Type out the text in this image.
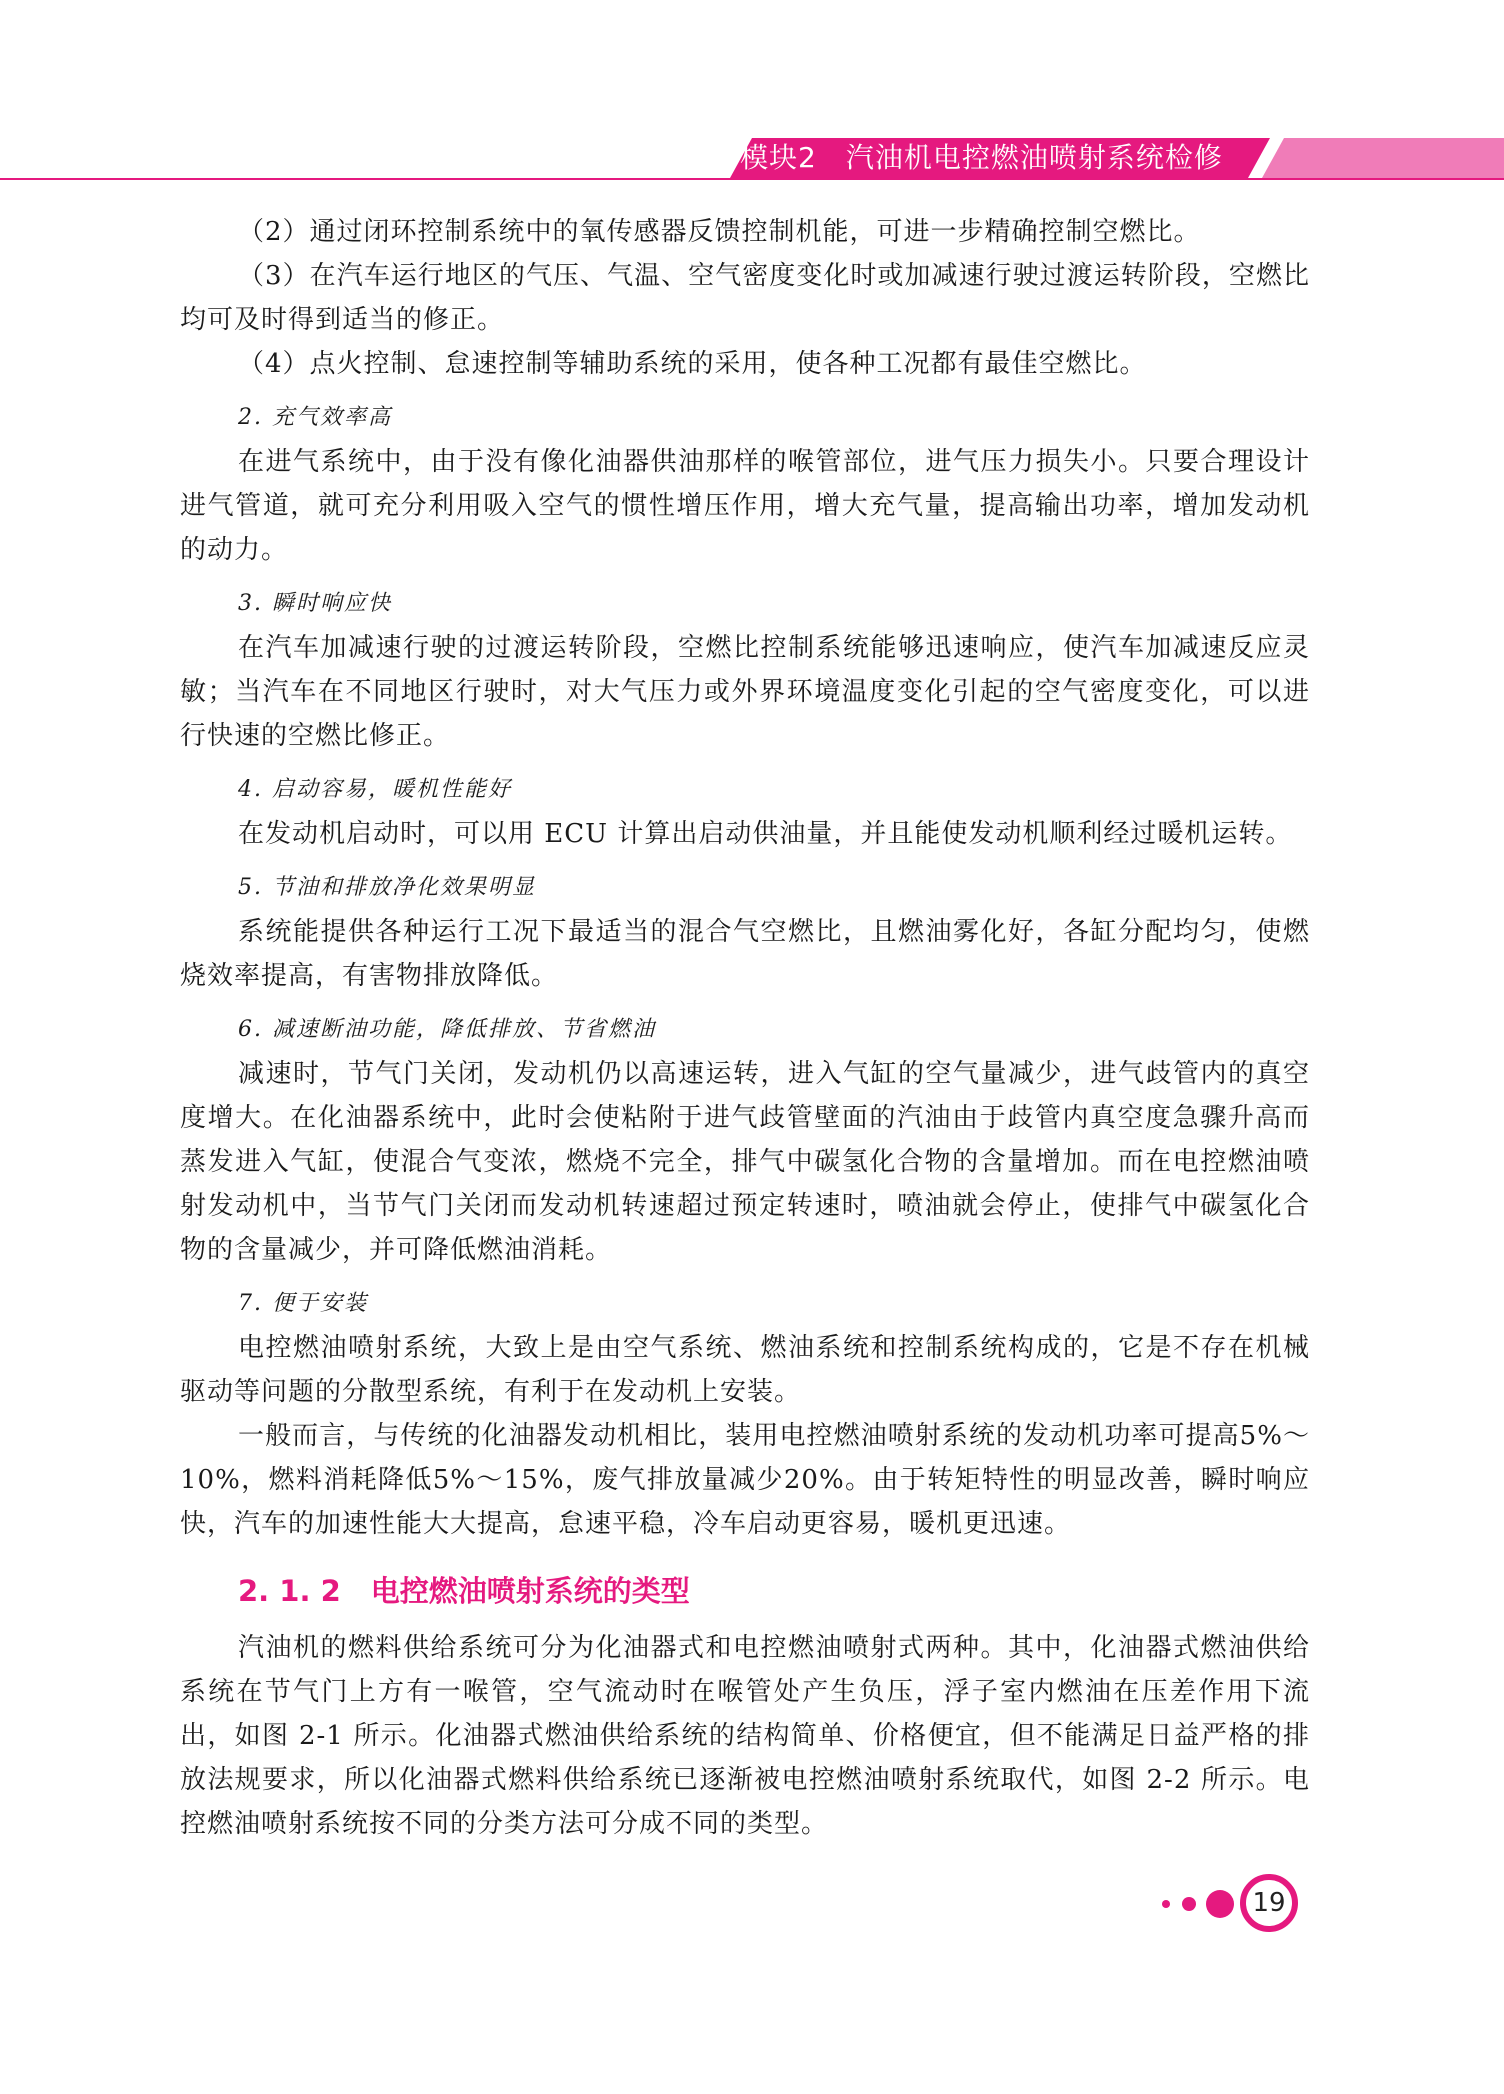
模块2　汽油机电控燃油喷射系统检修

（2）通过闭环控制系统中的氧传感器反馈控制机能，可进一步精确控制空燃比。

（3）在汽车运行地区的气压、气温、空气密度变化时或加减速行驶过渡运转阶段，空燃比均可及时得到适当的修正。

（4）点火控制、怠速控制等辅助系统的采用，使各种工况都有最佳空燃比。

2. 充气效率高

在进气系统中，由于没有像化油器供油那样的喉管部位，进气压力损失小。只要合理设计进气管道，就可充分利用吸入空气的惯性增压作用，增大充气量，提高输出功率，增加发动机的动力。

3. 瞬时响应快

在汽车加减速行驶的过渡运转阶段，空燃比控制系统能够迅速响应，使汽车加减速反应灵敏；当汽车在不同地区行驶时，对大气压力或外界环境温度变化引起的空气密度变化，可以进行快速的空燃比修正。

4. 启动容易，暖机性能好

在发动机启动时，可以用 ECU 计算出启动供油量，并且能使发动机顺利经过暖机运转。

5. 节油和排放净化效果明显

系统能提供各种运行工况下最适当的混合气空燃比，且燃油雾化好，各缸分配均匀，使燃烧效率提高，有害物排放降低。

6. 减速断油功能，降低排放、节省燃油

减速时，节气门关闭，发动机仍以高速运转，进入气缸的空气量减少，进气歧管内的真空度增大。在化油器系统中，此时会使粘附于进气歧管壁面的汽油由于歧管内真空度急骤升高而蒸发进入气缸，使混合气变浓，燃烧不完全，排气中碳氢化合物的含量增加。而在电控燃油喷射发动机中，当节气门关闭而发动机转速超过预定转速时，喷油就会停止，使排气中碳氢化合物的含量减少，并可降低燃油消耗。

7. 便于安装

电控燃油喷射系统，大致上是由空气系统、燃油系统和控制系统构成的，它是不存在机械驱动等问题的分散型系统，有利于在发动机上安装。

一般而言，与传统的化油器发动机相比，装用电控燃油喷射系统的发动机功率可提高5%～10%，燃料消耗降低5%～15%，废气排放量减少20%。由于转矩特性的明显改善，瞬时响应快，汽车的加速性能大大提高，怠速平稳，冷车启动更容易，暖机更迅速。

2. 1. 2 电控燃油喷射系统的类型

汽油机的燃料供给系统可分为化油器式和电控燃油喷射式两种。其中，化油器式燃油供给系统在节气门上方有一喉管，空气流动时在喉管处产生负压，浮子室内燃油在压差作用下流出，如图 2-1 所示。化油器式燃油供给系统的结构简单、价格便宜，但不能满足日益严格的排放法规要求，所以化油器式燃料供给系统已逐渐被电控燃油喷射系统取代，如图 2-2 所示。电控燃油喷射系统按不同的分类方法可分成不同的类型。

19
